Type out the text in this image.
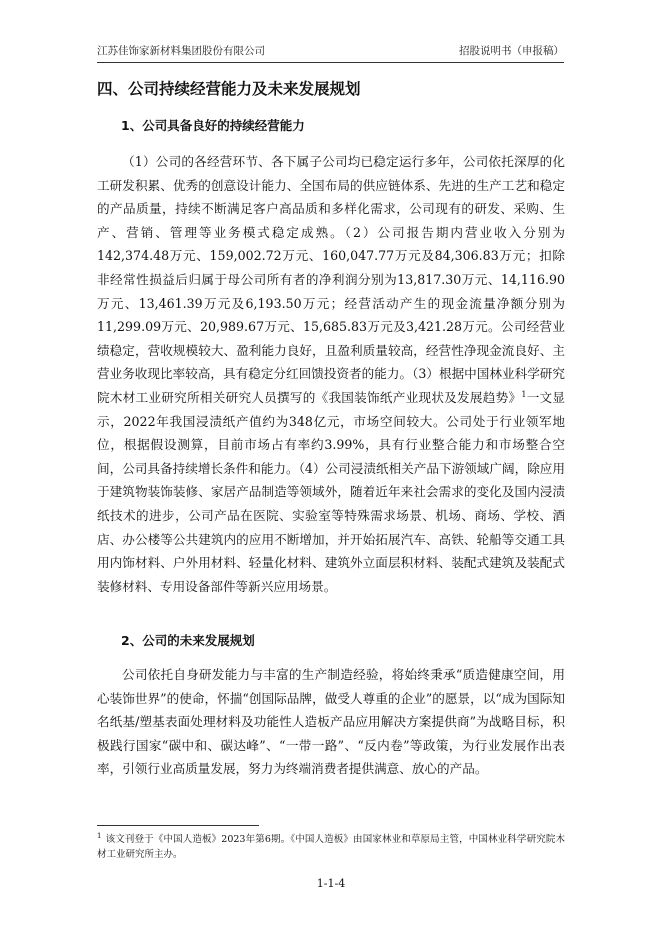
江苏佳饰家新材料集团股份有限公司	招股说明书（申报稿）
四、公司持续经营能力及未来发展规划
1、公司具备良好的持续经营能力

（1）公司的各经营环节、各下属子公司均已稳定运行多年，公司依托深厚的化工研发积累、优秀的创意设计能力、全国布局的供应链体系、先进的生产工艺和稳定的产品质量，持续不断满足客户高品质和多样化需求，公司现有的研发、采购、生产、营销、管理等业务模式稳定成熟。（2）公司报告期内营业收入分别为142,374.48万元、159,002.72万元、160,047.77万元及84,306.83万元；扣除非经常性损益后归属于母公司所有者的净利润分别为13,817.30万元、14,116.90万元、13,461.39万元及6,193.50万元；经营活动产生的现金流量净额分别为11,299.09万元、20,989.67万元、15,685.83万元及3,421.28万元。公司经营业绩稳定，营收规模较大、盈利能力良好，且盈利质量较高，经营性净现金流良好、主营业务收现比率较高，具有稳定分红回馈投资者的能力。（3）根据中国林业科学研究院木材工业研究所相关研究人员撰写的《我国装饰纸产业现状及发展趋势》$^1$一文显示，2022年我国浸渍纸产值约为348亿元，市场空间较大。公司处于行业领军地位，根据假设测算，目前市场占有率约3.99%，具有行业整合能力和市场整合空间，公司具备持续增长条件和能力。（4）公司浸渍纸相关产品下游领域广阔，除应用于建筑物装饰装修、家居产品制造等领域外，随着近年来社会需求的变化及国内浸渍纸技术的进步，公司产品在医院、实验室等特殊需求场景、机场、商场、学校、酒店、办公楼等公共建筑内的应用不断增加，并开始拓展汽车、高铁、轮船等交通工具用内饰材料、户外用材料、轻量化材料、建筑外立面层积材料、装配式建筑及装配式装修材料、专用设备部件等新兴应用场景。

2、公司的未来发展规划

公司依托自身研发能力与丰富的生产制造经验，将始终秉承“质造健康空间，用心装饰世界”的使命，怀揣“创国际品牌，做受人尊重的企业”的愿景，以“成为国际知名纸基/塑基表面处理材料及功能性人造板产品应用解决方案提供商”为战略目标，积极践行国家“碳中和、碳达峰”、“一带一路”、“反内卷”等政策，为行业发展作出表率，引领行业高质量发展，努力为终端消费者提供满意、放心的产品。

$^1$ 该文刊登于《中国人造板》2023年第6期。《中国人造板》由国家林业和草原局主管，中国林业科学研究院木材工业研究所主办。

1-1-4
